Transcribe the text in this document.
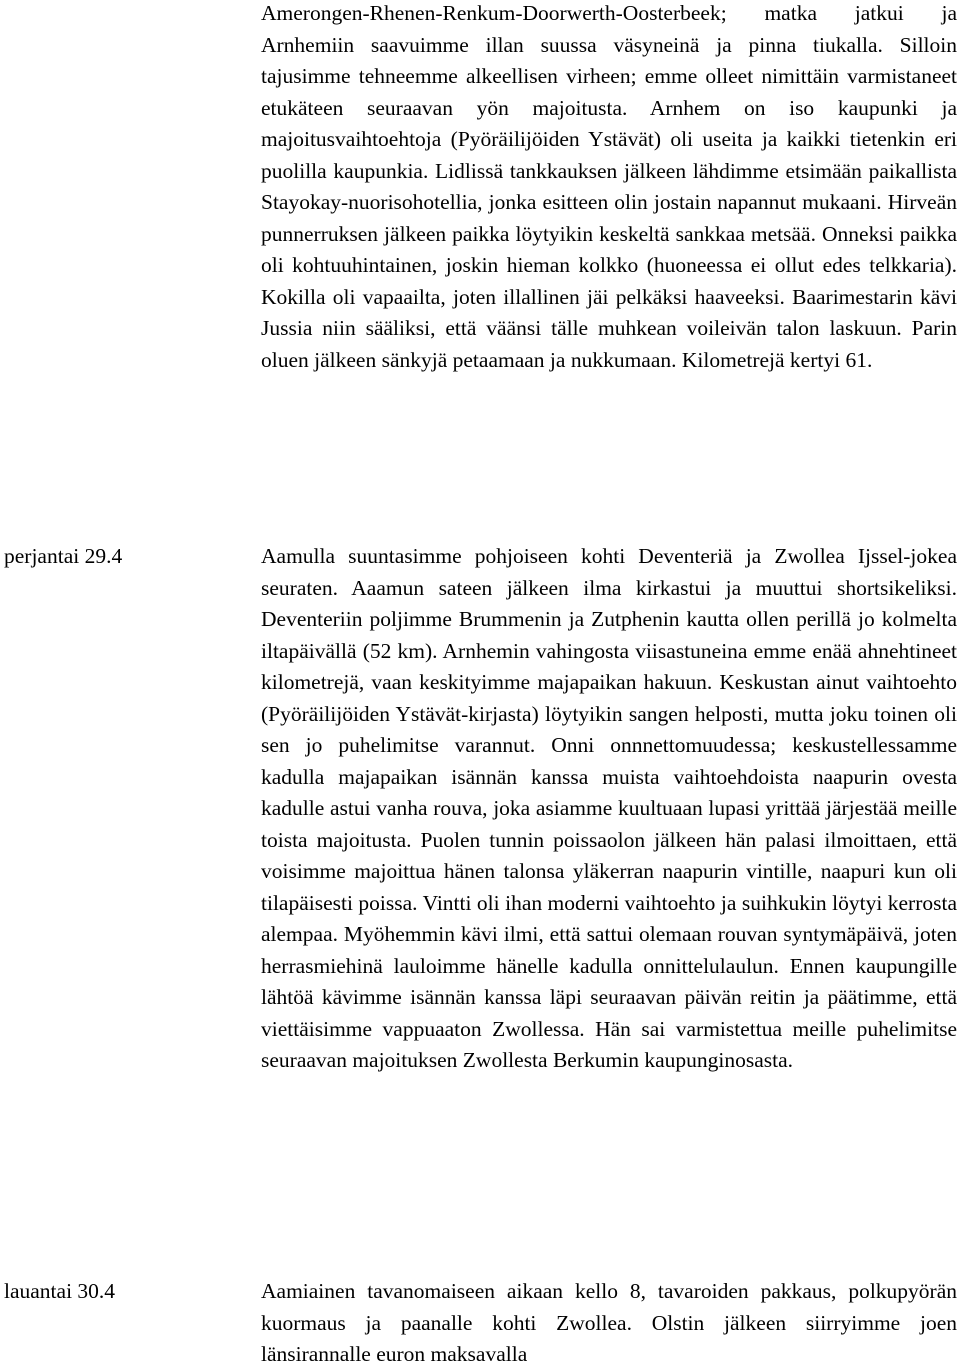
Amerongen-Rhenen-Renkum-Doorwerth-Oosterbeek; matka jatkui ja Arnhemiin saavuimme illan suussa väsyneinä ja pinna tiukalla. Silloin tajusimme tehneemme alkeellisen virheen; emme olleet nimittäin varmistaneet etukäteen seuraavan yön majoitusta. Arnhem on iso kaupunki ja majoitusvaihtoehtoja (Pyöräilijöiden Ystävät) oli useita ja kaikki tietenkin eri puolilla kaupunkia. Lidlissä tankkauksen jälkeen lähdimme etsimään paikallista Stayokay-nuorisohotellia, jonka esitteen olin jostain napannut mukaani. Hirveän punnerruksen jälkeen paikka löytyikin keskeltä sankkaa metsää. Onneksi paikka oli kohtuuhintainen, joskin hieman kolkko (huoneessa ei ollut edes telkkaria). Kokilla oli vapaailta, joten illallinen jäi pelkäksi haaveeksi. Baarimestarin kävi Jussia niin sääliksi, että väänsi tälle muhkean voileivän talon laskuun. Parin oluen jälkeen sänkyjä petaamaan ja nukkumaan. Kilometrejä kertyi 61.

perjantai 29.4	Aamulla suuntasimme pohjoiseen kohti Deventeriä ja Zwollea Ijssel-jokea seuraten. Aaamun sateen jälkeen ilma kirkastui ja muuttui shortsikeliksi. Deventeriin poljimme Brummenin ja Zutphenin kautta ollen perillä jo kolmelta iltapäivällä (52 km). Arnhemin vahingosta viisastuneina emme enää ahnehtineet kilometrejä, vaan keskityimme majapaikan hakuun. Keskustan ainut vaihtoehto (Pyöräilijöiden Ystävät-kirjasta) löytyikin sangen helposti, mutta joku toinen oli sen jo puhelimitse varannut. Onni onnnettomuudessa; keskustellessamme kadulla majapaikan isännän kanssa muista vaihtoehdoista naapurin ovesta kadulle astui vanha rouva, joka asiamme kuultuaan lupasi yrittää järjestää meille toista majoitusta. Puolen tunnin poissaolon jälkeen hän palasi ilmoittaen, että voisimme majoittua hänen talonsa yläkerran naapurin vintille, naapuri kun oli tilapäisesti poissa. Vintti oli ihan moderni vaihtoehto ja suihkukin löytyi kerrosta alempaa. Myöhemmin kävi ilmi, että sattui olemaan rouvan syntymäpäivä, joten herrasmiehinä lauloimme hänelle kadulla onnittelulaulun. Ennen kaupungille lähtöä kävimme isännän kanssa läpi seuraavan päivän reitin ja päätimme, että viettäisimme vappuaaton Zwollessa. Hän sai varmistettua meille puhelimitse seuraavan majoituksen Zwollesta Berkumin kaupunginosasta.

lauantai 30.4	Aamiainen tavanomaiseen aikaan kello 8, tavaroiden pakkaus, polkupyörän kuormaus ja paanalle kohti Zwollea. Olstin jälkeen siirryimme joen länsirannalle euron maksavalla
